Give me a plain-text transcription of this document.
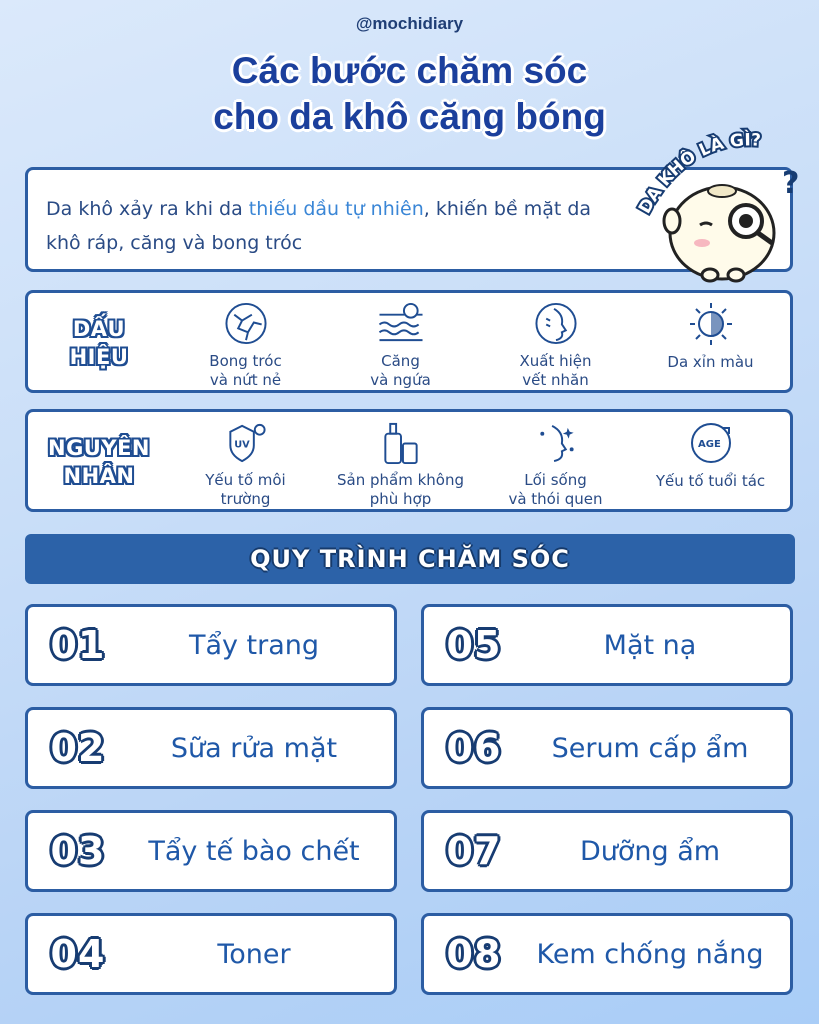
@mochidiary
Các bước chăm sóc
cho da khô căng bóng

Da khô xảy ra khi da thiếu dầu tự nhiên, khiến bề mặt da khô ráp, căng và bong tróc

DA KHÔ LÀ GÌ?
?
DẤU
HIỆU	Bong tróc
và nứt nẻ
Căng
và ngứa
Xuất hiện
vết nhăn
Da xỉn màu

NGUYÊN
NHÂN
UV
Yếu tố môi
trường
Sản phẩm không
phù hợp
Lối sống
và thói quen
AGE
Yếu tố tuổi tác

QUY TRÌNH CHĂM SÓC
01	Tẩy trang
02	Sữa rửa mặt
03	Tẩy tế bào chết
04	Toner
05	Mặt nạ
06	Serum cấp ẩm
07	Dưỡng ẩm
08	Kem chống nắng
